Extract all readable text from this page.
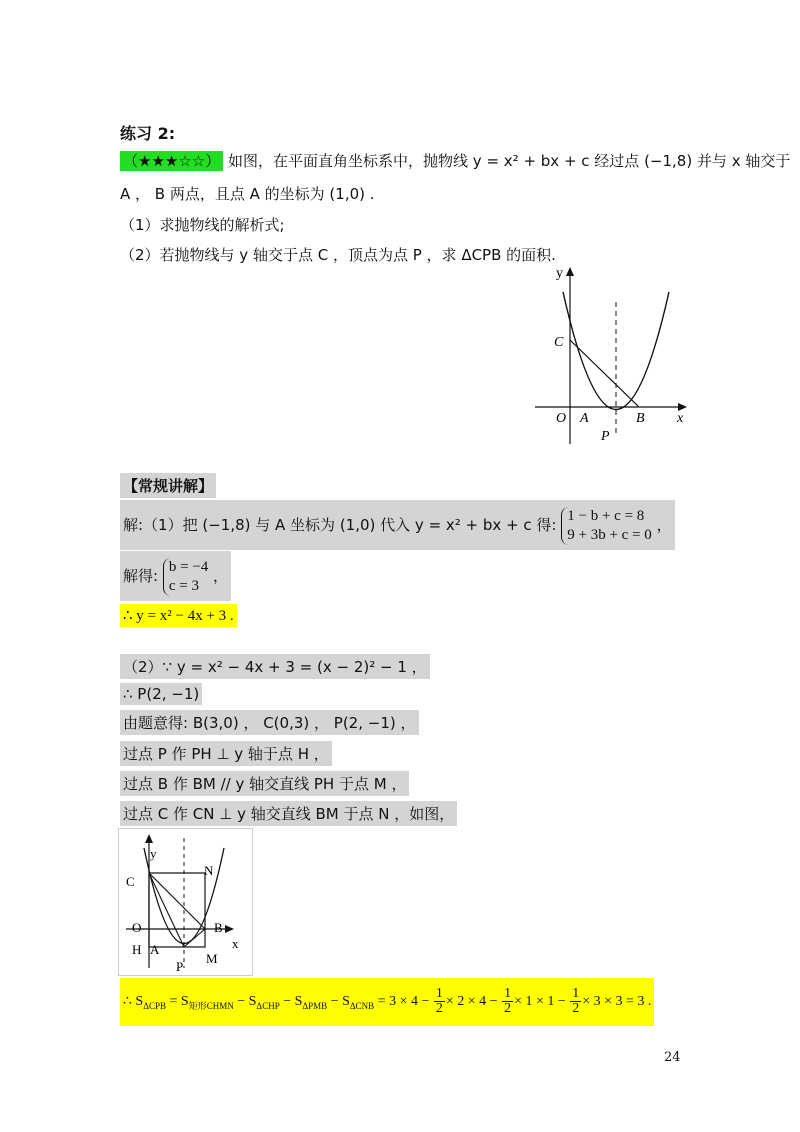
练习 2:
（★★★☆☆） 如图，在平面直角坐标系中，抛物线 y = x² + bx + c 经过点 (−1,8) 并与 x 轴交于
A ， B 两点，且点 A 的坐标为 (1,0) .
（1）求抛物线的解析式;
（2）若抛物线与 y 轴交于点 C ，顶点为点 P ，求 ΔCPB 的面积.
y
x
C
O A	B
P
【常规讲解】
解:（1）把 (−1,8) 与 A 坐标为 (1,0) 代入 y = x² + bx + c 得:
1 − b + c = 8
9 + 3b + c = 0
，
解得:
b = −4
c = 3
，
∴ y = x² − 4x + 3 .
（2）∵ y = x² − 4x + 3 = (x − 2)² − 1 ，
∴ P(2, −1)
由题意得: B(3,0) ， C(0,3) ， P(2, −1) ，
过点 P 作 PH ⊥ y 轴于点 H ，
过点 B 作 BM // y 轴交直线 PH 于点 M ，
过点 C 作 CN ⊥ y 轴交直线 BM 于点 N ，如图，
y
x
C
N
O	B
H A
P
M
∴ $S_{\Delta CPB} = S_{矩形CHMN} - S_{\Delta CHP} - S_{\Delta PMB} - S_{\Delta CNB} = 3 \times 4 - \frac{1}{2} \times 2 \times 4 - \frac{1}{2} \times 1 \times 1 - \frac{1}{2} \times 3 \times 3 = 3$ .
24
